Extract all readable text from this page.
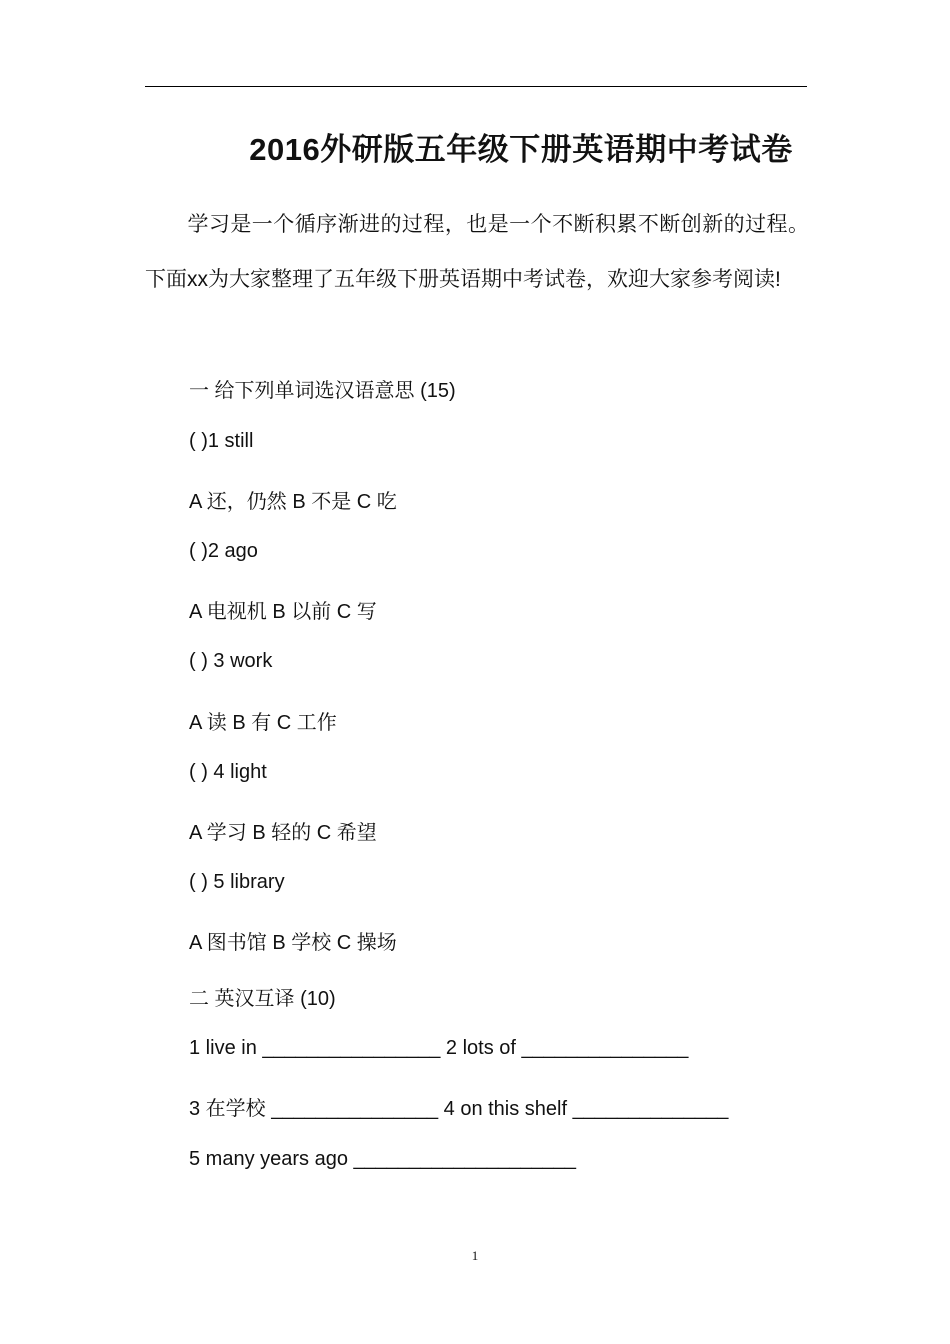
2016外研版五年级下册英语期中考试卷
学习是一个循序渐进的过程，也是一个不断积累不断创新的过程。下面xx为大家整理了五年级下册英语期中考试卷，欢迎大家参考阅读!
一 给下列单词选汉语意思 (15)
( )1 still
A 还，仍然 B 不是 C 吃
( )2 ago
A 电视机 B 以前 C 写
( ) 3 work
A 读 B 有 C 工作
( ) 4 light
A 学习 B 轻的 C 希望
( ) 5 library
A 图书馆 B 学校 C 操场
二 英汉互译 (10)
1 live in ________________ 2 lots of _______________
3 在学校 _______________ 4 on this shelf ______________
5 many years ago ____________________
1
